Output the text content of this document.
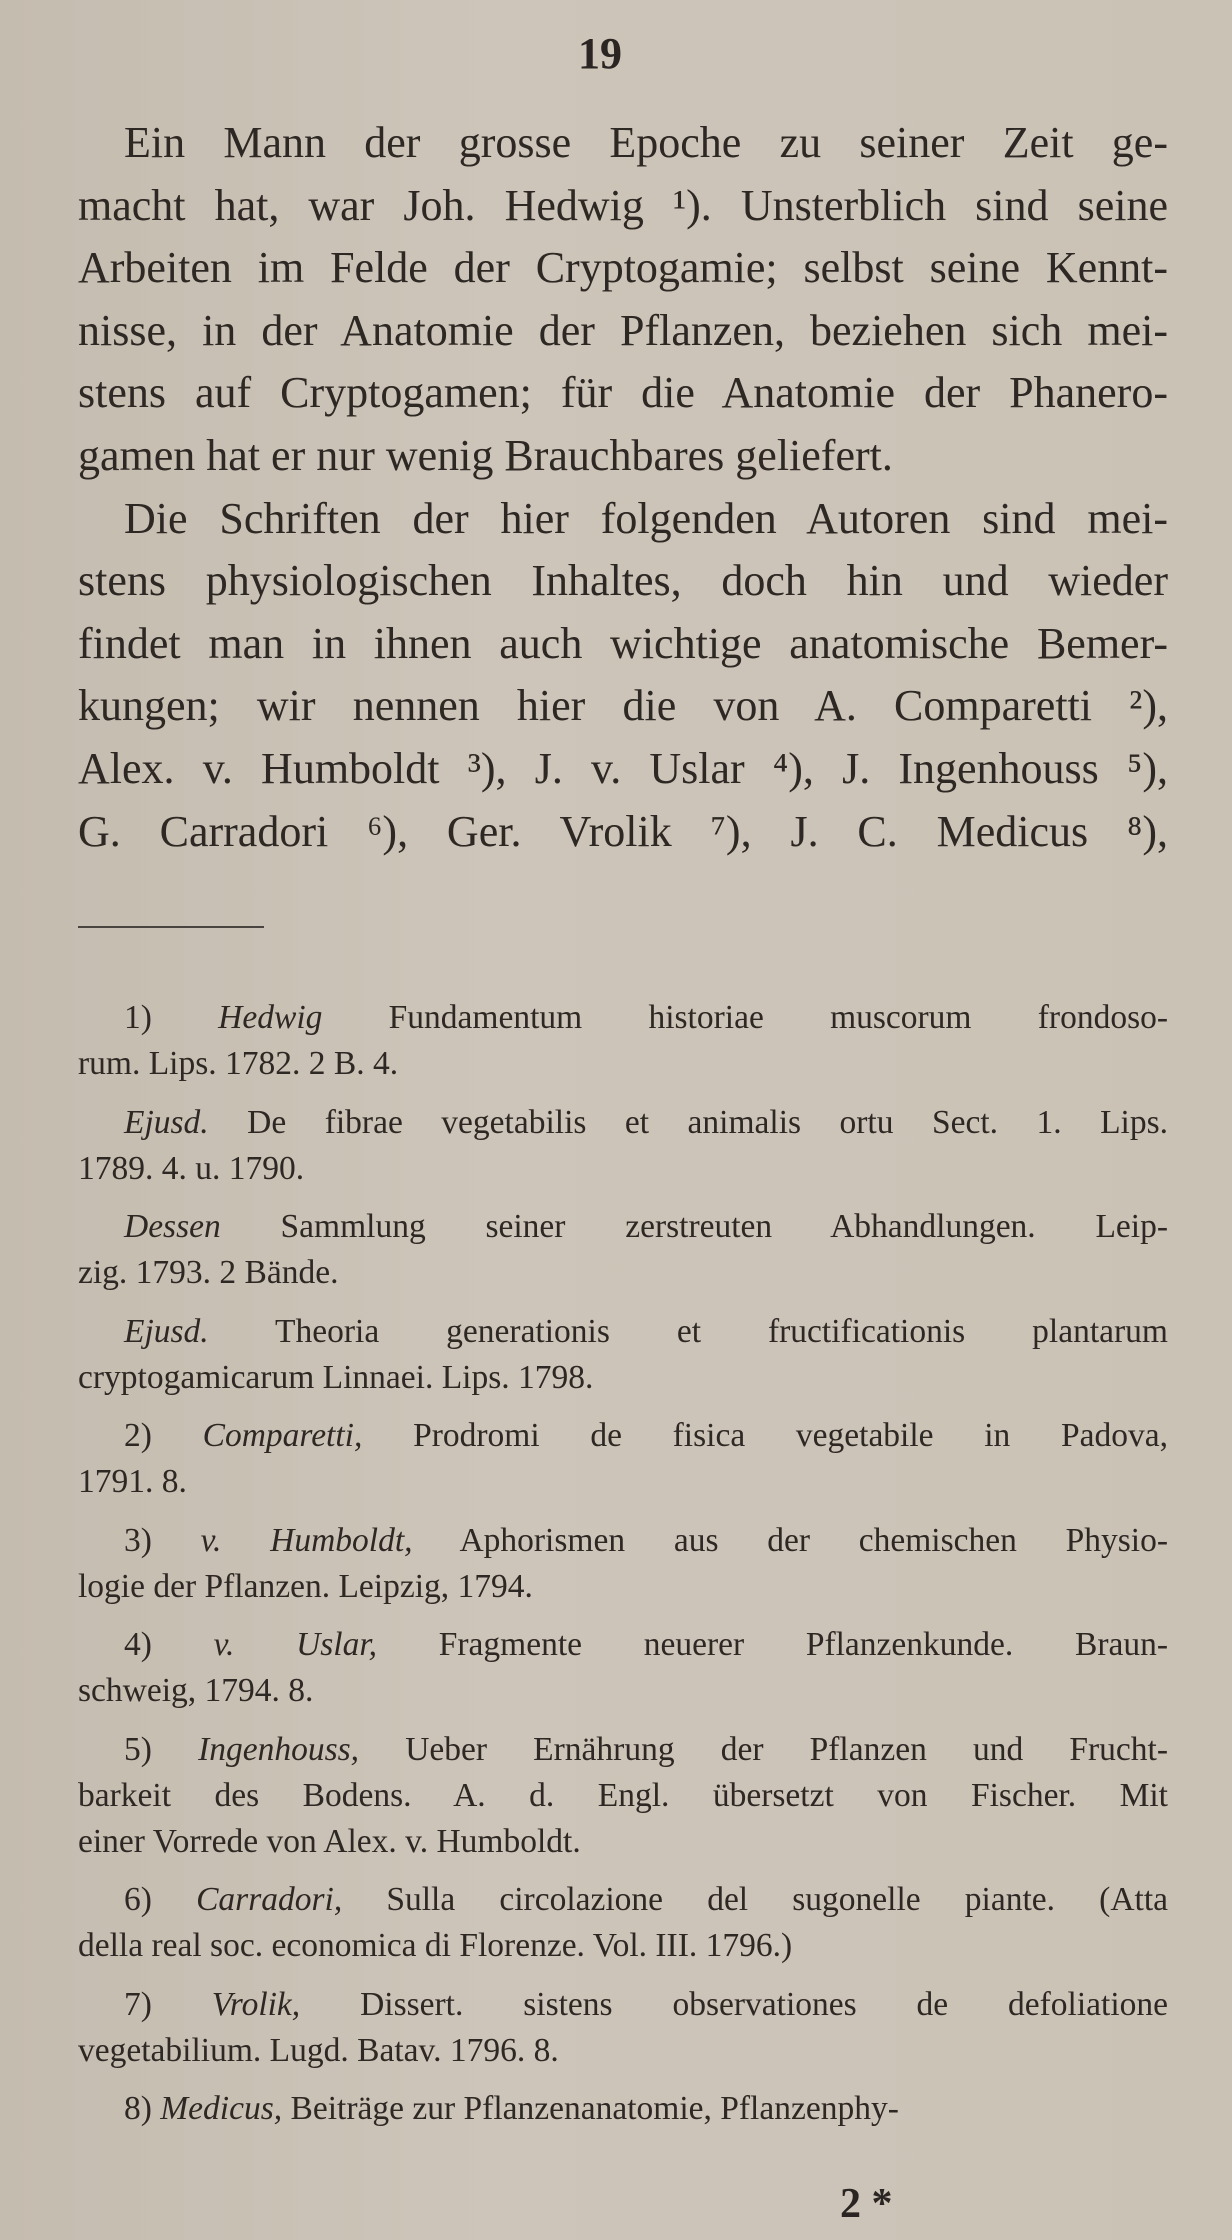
19
Ein Mann der grosse Epoche zu seiner Zeit ge-
macht hat, war Joh. Hedwig ¹). Unsterblich sind seine
Arbeiten im Felde der Cryptogamie; selbst seine Kennt-
nisse, in der Anatomie der Pflanzen, beziehen sich mei-
stens auf Cryptogamen; für die Anatomie der Phanero-
gamen hat er nur wenig Brauchbares geliefert.
Die Schriften der hier folgenden Autoren sind mei-
stens physiologischen Inhaltes, doch hin und wieder
findet man in ihnen auch wichtige anatomische Bemer-
kungen; wir nennen hier die von A. Comparetti ²),
Alex. v. Humboldt ³), J. v. Uslar ⁴), J. Ingenhouss ⁵),
G. Carradori ⁶), Ger. Vrolik ⁷), J. C. Medicus ⁸),
1) Hedwig Fundamentum historiae muscorum frondoso-
rum. Lips. 1782. 2 B. 4.
Ejusd. De fibrae vegetabilis et animalis ortu Sect. 1. Lips.
1789. 4. u. 1790.
Dessen Sammlung seiner zerstreuten Abhandlungen. Leip-
zig. 1793. 2 Bände.
Ejusd. Theoria generationis et fructificationis plantarum
cryptogamicarum Linnaei. Lips. 1798.
2) Comparetti, Prodromi de fisica vegetabile in Padova,
1791. 8.
3) v. Humboldt, Aphorismen aus der chemischen Physio-
logie der Pflanzen. Leipzig, 1794.
4) v. Uslar, Fragmente neuerer Pflanzenkunde. Braun-
schweig, 1794. 8.
5) Ingenhouss, Ueber Ernährung der Pflanzen und Frucht-
barkeit des Bodens. A. d. Engl. übersetzt von Fischer. Mit
einer Vorrede von Alex. v. Humboldt.
6) Carradori, Sulla circolazione del sugonelle piante. (Atta
della real soc. economica di Florenze. Vol. III. 1796.)
7) Vrolik, Dissert. sistens observationes de defoliatione
vegetabilium. Lugd. Batav. 1796. 8.
8) Medicus, Beiträge zur Pflanzenanatomie, Pflanzenphy-
2 *
